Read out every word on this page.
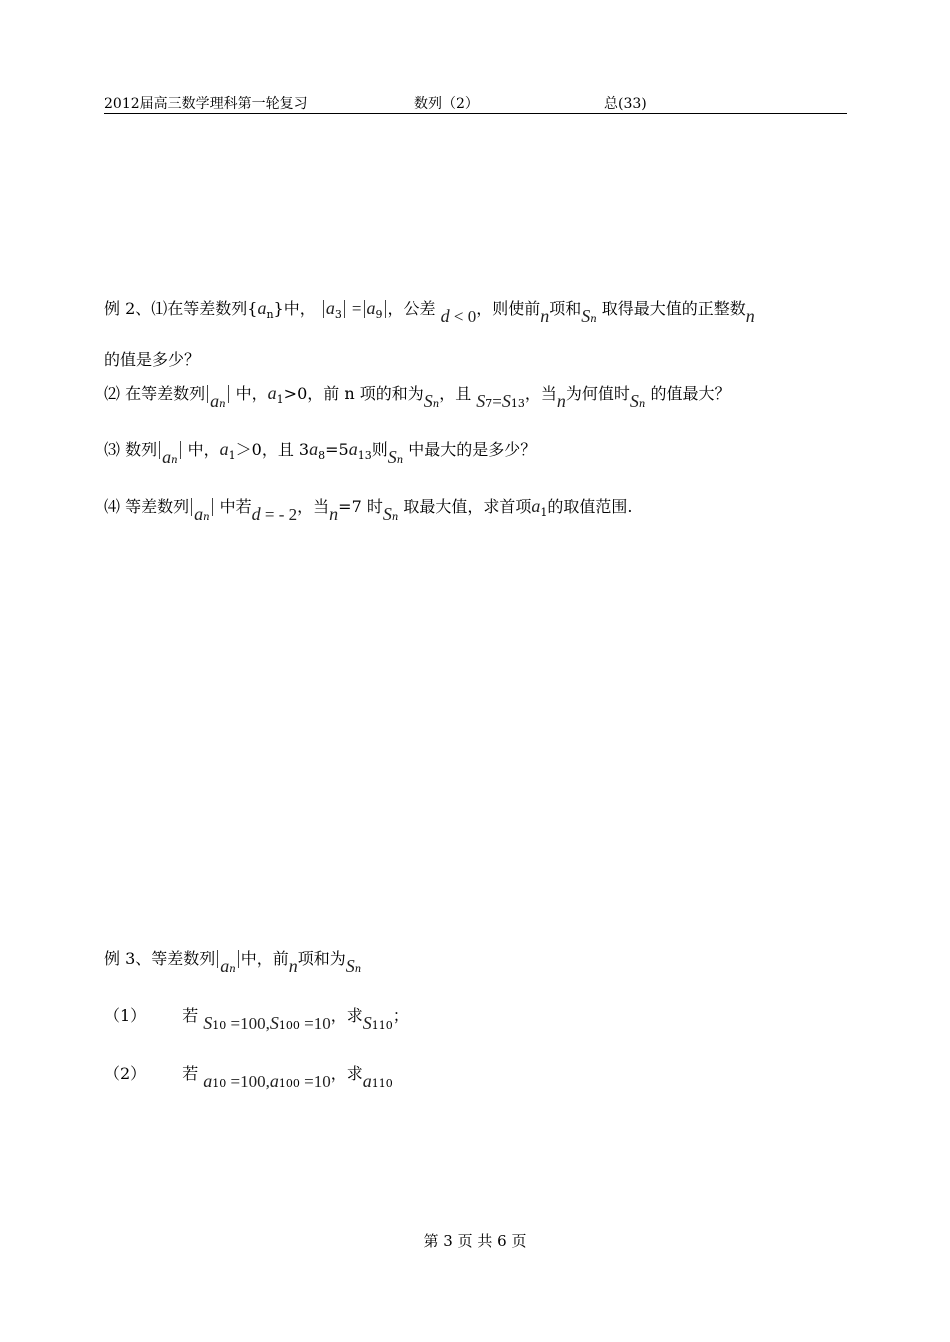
2012届高三数学理科第一轮复习	数列（2）	总(33)
例 2、⑴在等差数列$\{a_n\}$中， $a_3 = a_9$ ，公差 d < 0，则使前n项和$S_n$ 取得最大值的正整数n
的值是多少？
⑵ 在等差数列 $a_n$ 中，$a_1>0$，前 n 项的和为$S_n$，且 $S_7=S_{13}$，当n为何值时$S_n$ 的值最大？
⑶ 数列 $a_n$ 中，$a_1>0$，且 $3a_8=5a_{13}$则$S_n$ 中最大的是多少？
⑷ 等差数列 $a_n$ 中若d = - 2，当n=7 时$S_n$ 取最大值，求首项$a_1$的取值范围.
例 3、等差数列 $a_n$中，前n项和为$S_n$
（1） 若 $S_{10} =100,S_{100} =10$，求$S_{110}$；
（2） 若 $a_{10} =100,a_{100} =10$，求$a_{110}$
第 3 页 共 6 页
